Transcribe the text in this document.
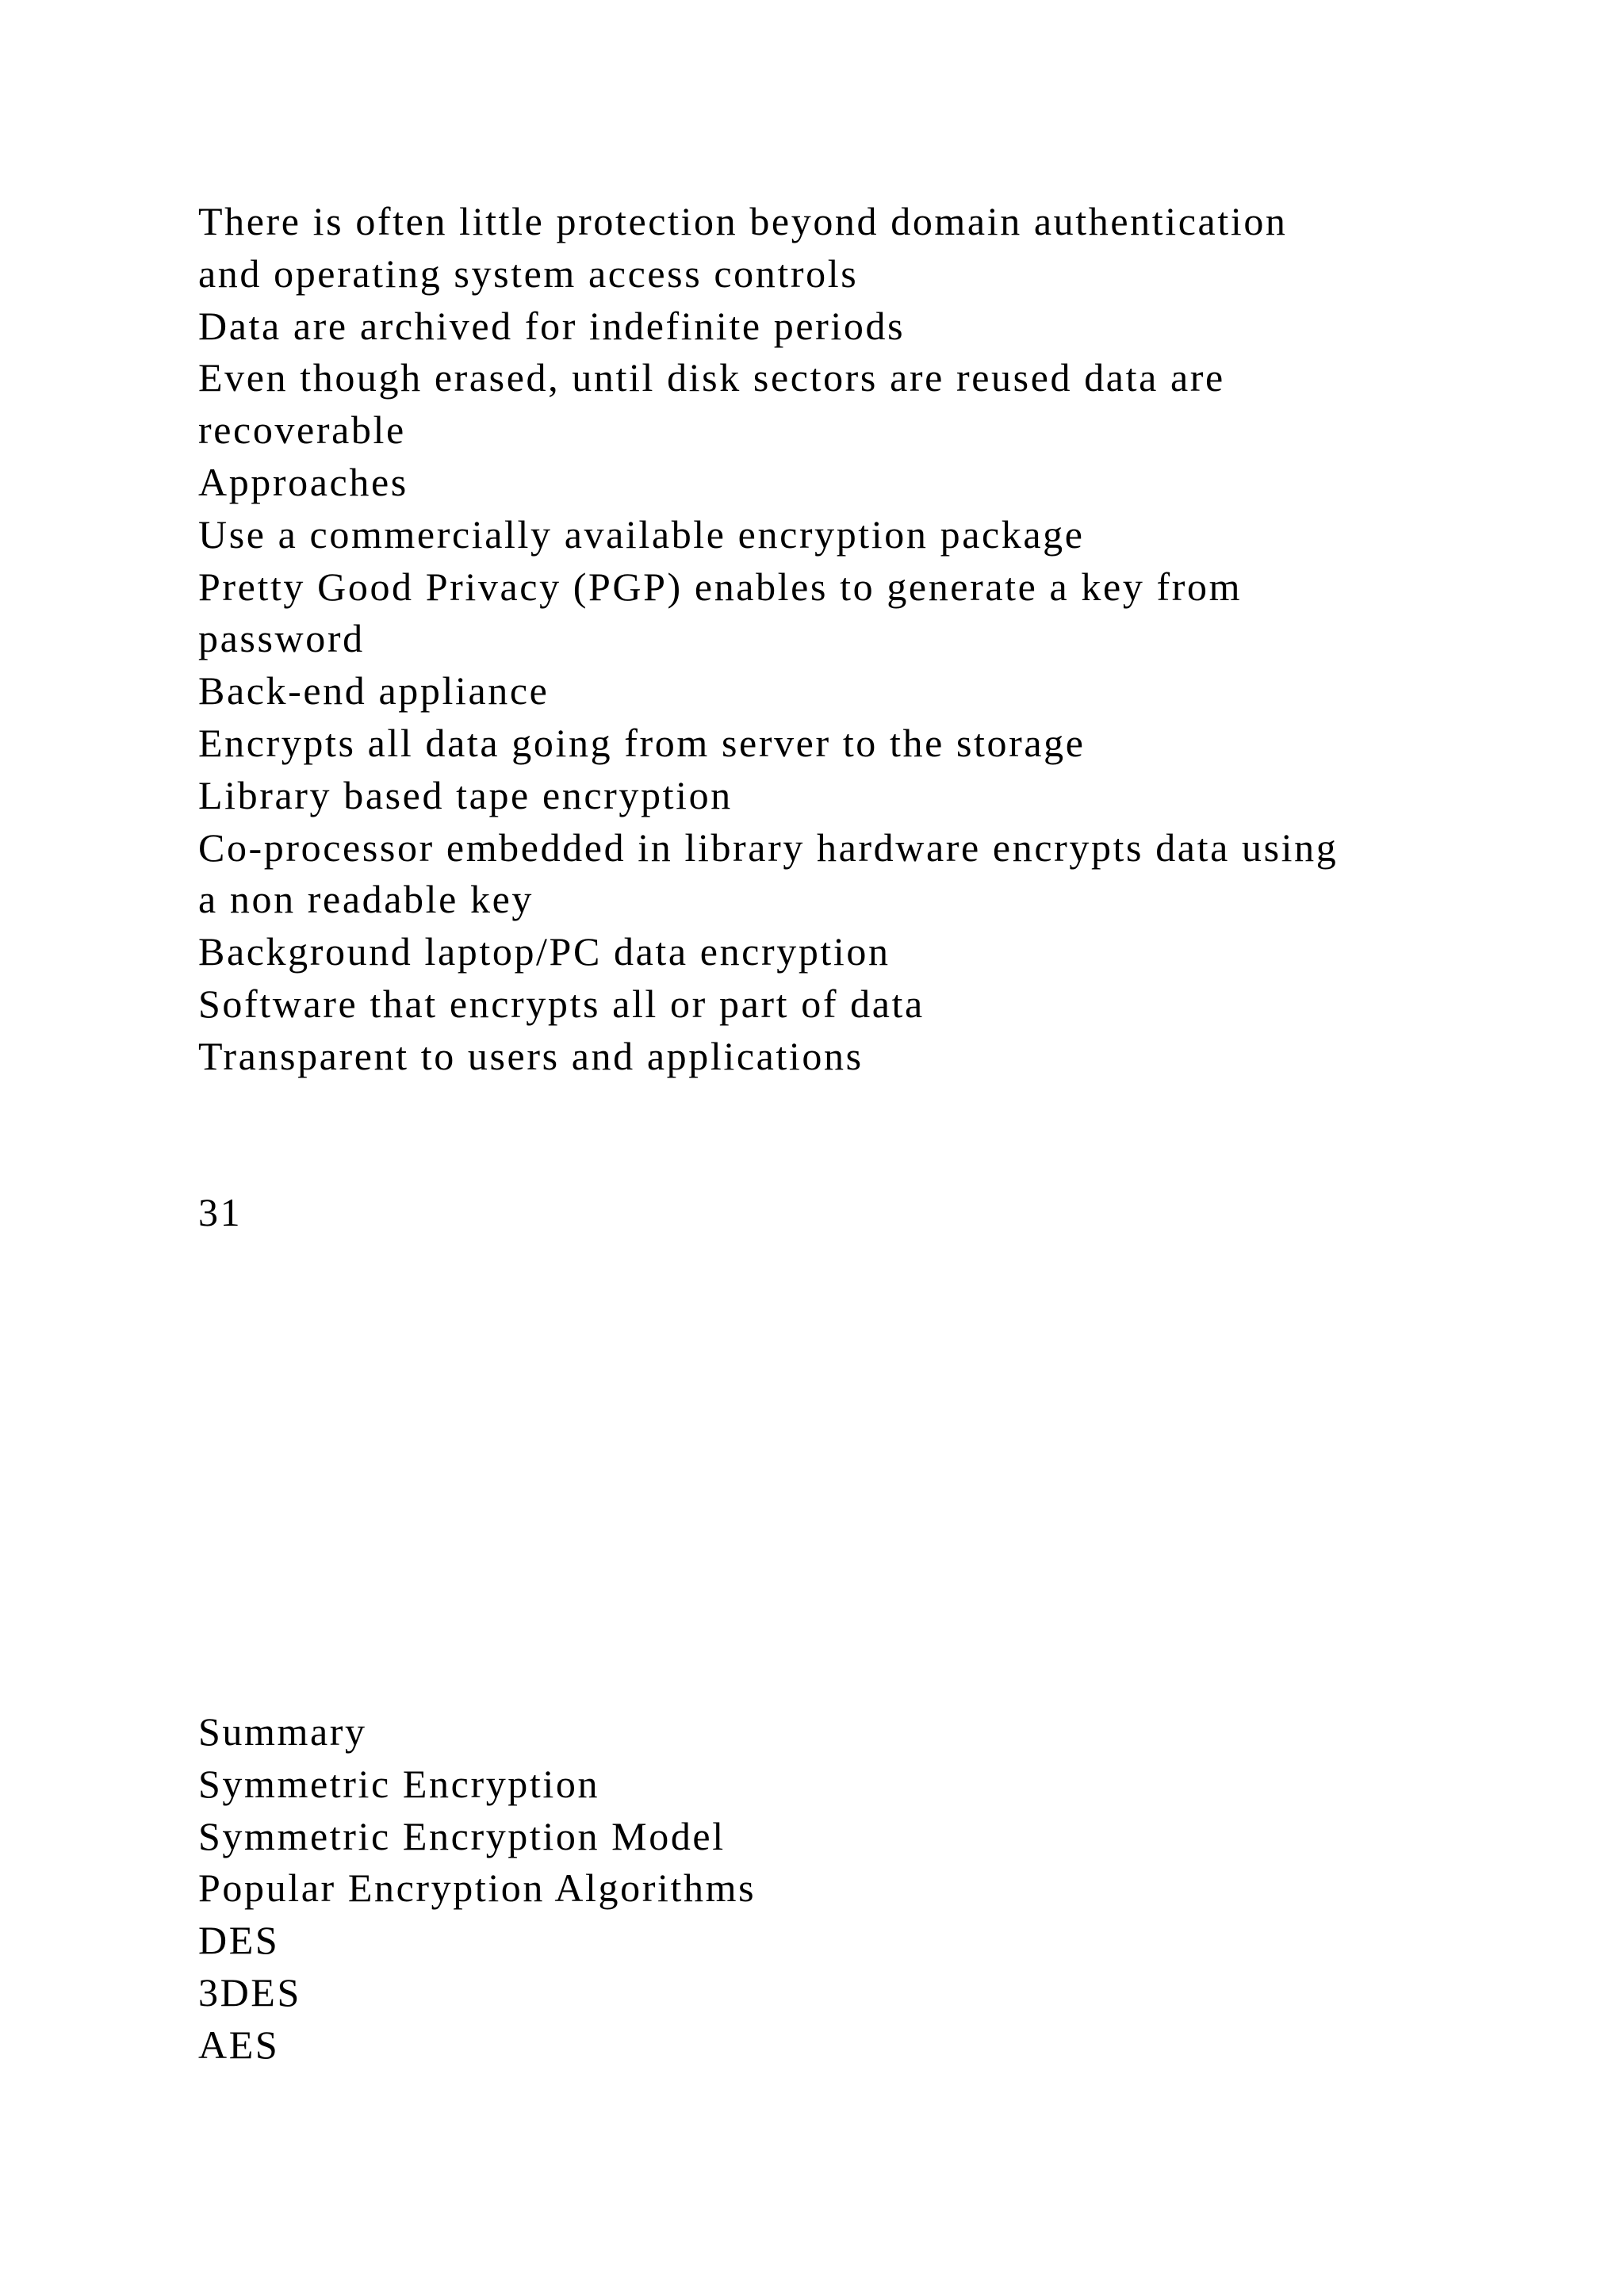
There is often little protection beyond domain authentication
and operating system access controls
Data are archived for indefinite periods
Even though erased, until disk sectors are reused data are
recoverable
Approaches
Use a commercially available encryption package
Pretty Good Privacy (PGP) enables to generate a key from
password
Back-end appliance
Encrypts all data going from server to the storage
Library based tape encryption
Co-processor embedded in library hardware encrypts data using
a non readable key
Background laptop/PC data encryption
Software that encrypts all or part of data
Transparent to users and applications
31
Summary
Symmetric Encryption
Symmetric Encryption Model
Popular Encryption Algorithms
DES
3DES
AES
